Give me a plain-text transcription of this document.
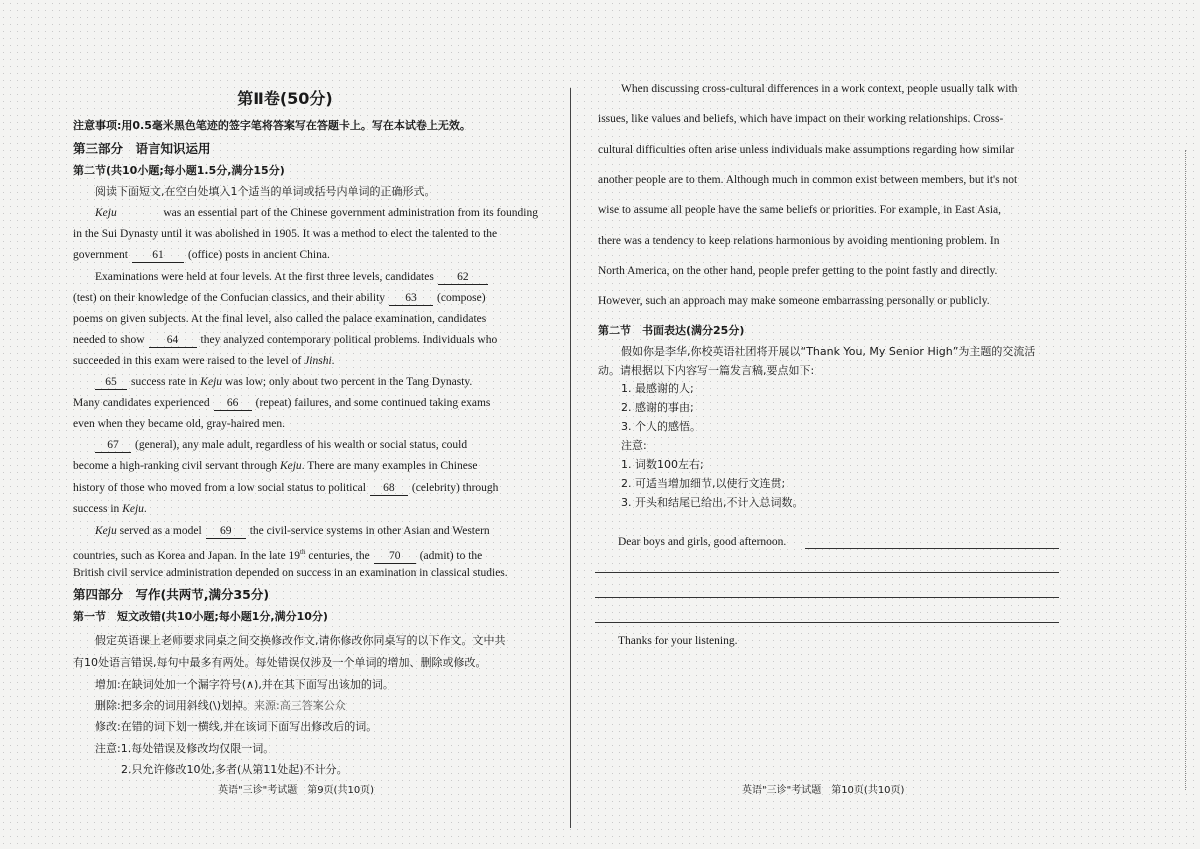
第Ⅱ卷(50分)
注意事项:用0.5毫米黑色笔迹的签字笔将答案写在答题卡上。写在本试卷上无效。
第三部分　语言知识运用
第二节(共10小题;每小题1.5分,满分15分)
阅读下面短文,在空白处填入1个适当的单词或括号内单词的正确形式。
Keju	was an essential part of the Chinese government administration from its founding
in the Sui Dynasty until it was abolished in 1905. It was a method to elect the talented to the
government 61 (office) posts in ancient China.
Examinations were held at four levels. At the first three levels, candidates 62
(test) on their knowledge of the Confucian classics, and their ability 63 (compose)
poems on given subjects. At the final level, also called the palace examination, candidates
needed to show 64 they analyzed contemporary political problems. Individuals who
succeeded in this exam were raised to the level of Jinshi.
65 success rate in Keju was low; only about two percent in the Tang Dynasty.
Many candidates experienced 66 (repeat) failures, and some continued taking exams
even when they became old, gray-haired men.
67 (general), any male adult, regardless of his wealth or social status, could
become a high-ranking civil servant through Keju. There are many examples in Chinese
history of those who moved from a low social status to political 68 (celebrity) through
success in Keju.
Keju served as a model 69 the civil-service systems in other Asian and Western
countries, such as Korea and Japan. In the late 19th centuries, the 70 (admit) to the
British civil service administration depended on success in an examination in classical studies.
第四部分　写作(共两节,满分35分)
第一节　短文改错(共10小题;每小题1分,满分10分)
假定英语课上老师要求同桌之间交换修改作文,请你修改你同桌写的以下作文。文中共
有10处语言错误,每句中最多有两处。每处错误仅涉及一个单词的增加、删除或修改。
增加:在缺词处加一个漏字符号(∧),并在其下面写出该加的词。
删除:把多余的词用斜线(\)划掉。来源:高三答案公众
修改:在错的词下划一横线,并在该词下面写出修改后的词。
注意:1.每处错误及修改均仅限一词。
2.只允许修改10处,多者(从第11处起)不计分。
英语"三诊"考试题　第9页(共10页)
When discussing cross-cultural differences in a work context, people usually talk with
issues, like values and beliefs, which have impact on their working relationships. Cross-
cultural difficulties often arise unless individuals make assumptions regarding how similar
another people are to them. Although much in common exist between members, but it's not
wise to assume all people have the same beliefs or priorities. For example, in East Asia,
there was a tendency to keep relations harmonious by avoiding mentioning problem. In
North America, on the other hand, people prefer getting to the point fastly and directly.
However, such an approach may make someone embarrassing personally or publicly.
第二节　书面表达(满分25分)
假如你是李华,你校英语社团将开展以“Thank You, My Senior High”为主题的交流活
动。请根据以下内容写一篇发言稿,要点如下:
1. 最感谢的人;
2. 感谢的事由;
3. 个人的感悟。
注意:
1. 词数100左右;
2. 可适当增加细节,以使行文连贯;
3. 开头和结尾已给出,不计入总词数。
Dear boys and girls, good afternoon.
Thanks for your listening.
英语"三诊"考试题　第10页(共10页)
